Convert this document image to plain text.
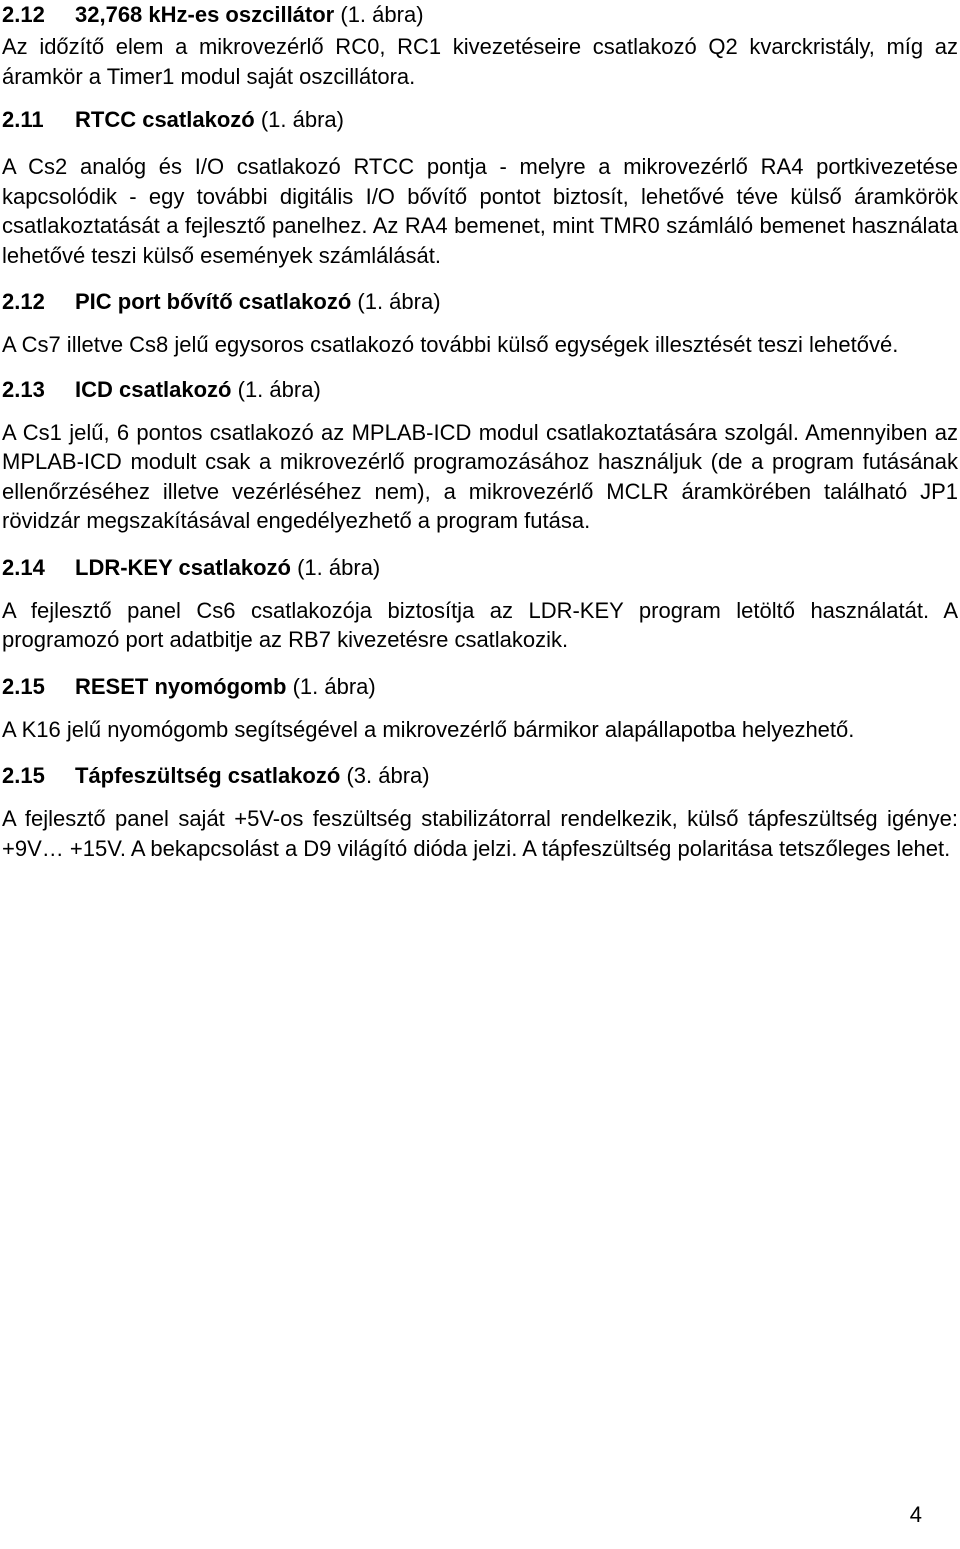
2.12 32,768 kHz-es oszcillátor (1. ábra)

Az időzítő elem a mikrovezérlő RC0, RC1 kivezetéseire csatlakozó Q2 kvarckristály, míg az áramkör a Timer1 modul saját oszcillátora.

2.11 RTCC csatlakozó (1. ábra)

A Cs2 analóg és I/O csatlakozó RTCC pontja - melyre a mikrovezérlő RA4 portkivezetése kapcsolódik - egy további digitális I/O bővítő pontot biztosít, lehetővé téve külső áramkörök csatlakoztatását a fejlesztő panelhez. Az RA4 bemenet, mint TMR0 számláló bemenet használata lehetővé teszi külső események számlálását.

2.12 PIC port bővítő csatlakozó (1. ábra)

A Cs7 illetve Cs8 jelű egysoros csatlakozó további külső egységek illesztését teszi lehetővé.

2.13 ICD csatlakozó (1. ábra)

A Cs1 jelű, 6 pontos csatlakozó az MPLAB-ICD modul csatlakoztatására szolgál. Amennyiben az MPLAB-ICD modult csak a mikrovezérlő programozásához használjuk (de a program futásának ellenőrzéséhez illetve vezérléséhez nem), a mikrovezérlő MCLR áramkörében található JP1 rövidzár megszakításával engedélyezhető a program futása.

2.14 LDR-KEY csatlakozó (1. ábra)

A fejlesztő panel Cs6 csatlakozója biztosítja az LDR-KEY program letöltő használatát. A programozó port adatbitje az RB7 kivezetésre csatlakozik.

2.15 RESET nyomógomb (1. ábra)

A K16 jelű nyomógomb segítségével a mikrovezérlő bármikor alapállapotba helyezhető.

2.15 Tápfeszültség csatlakozó (3. ábra)

A fejlesztő panel saját +5V-os feszültség stabilizátorral rendelkezik, külső tápfeszültség igénye: +9V… +15V. A bekapcsolást a D9 világító dióda jelzi. A tápfeszültség polaritása tetszőleges lehet.

4
